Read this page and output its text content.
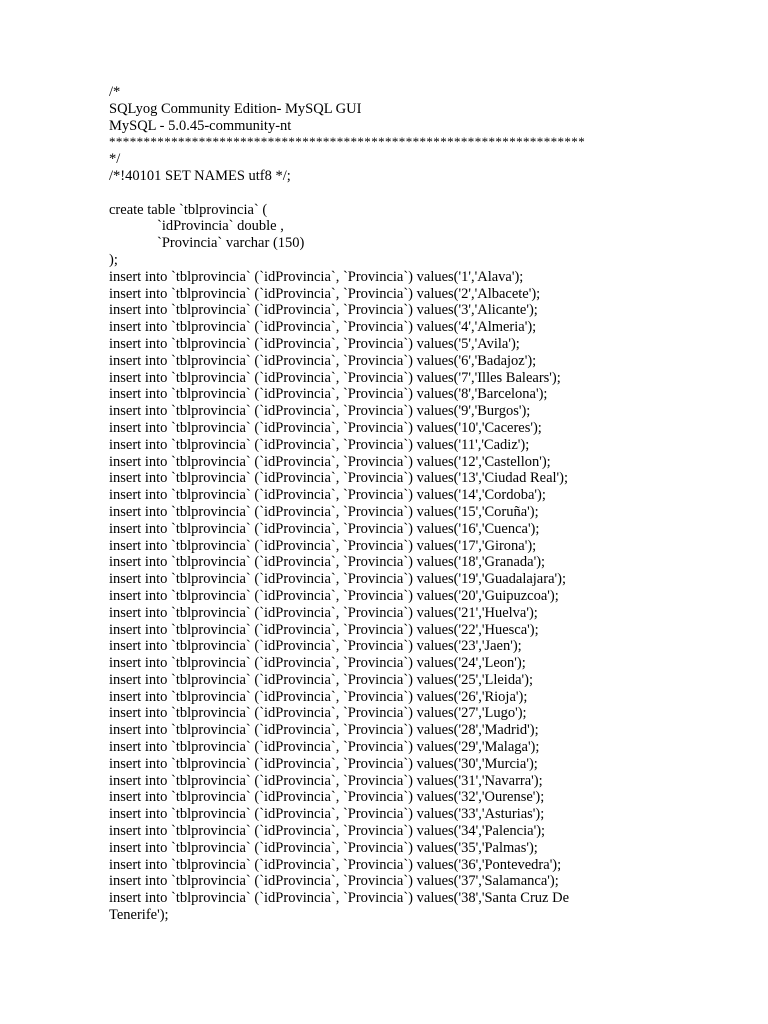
/*
SQLyog Community Edition- MySQL GUI
MySQL - 5.0.45-community-nt
*********************************************************************
*/
/*!40101 SET NAMES utf8 */;
create table `tblprovincia` (
`idProvincia` double ,
`Provincia` varchar (150)
);
insert into `tblprovincia` (`idProvincia`, `Provincia`) values('1','Alava');
insert into `tblprovincia` (`idProvincia`, `Provincia`) values('2','Albacete');
insert into `tblprovincia` (`idProvincia`, `Provincia`) values('3','Alicante');
insert into `tblprovincia` (`idProvincia`, `Provincia`) values('4','Almeria');
insert into `tblprovincia` (`idProvincia`, `Provincia`) values('5','Avila');
insert into `tblprovincia` (`idProvincia`, `Provincia`) values('6','Badajoz');
insert into `tblprovincia` (`idProvincia`, `Provincia`) values('7','Illes Balears');
insert into `tblprovincia` (`idProvincia`, `Provincia`) values('8','Barcelona');
insert into `tblprovincia` (`idProvincia`, `Provincia`) values('9','Burgos');
insert into `tblprovincia` (`idProvincia`, `Provincia`) values('10','Caceres');
insert into `tblprovincia` (`idProvincia`, `Provincia`) values('11','Cadiz');
insert into `tblprovincia` (`idProvincia`, `Provincia`) values('12','Castellon');
insert into `tblprovincia` (`idProvincia`, `Provincia`) values('13','Ciudad Real');
insert into `tblprovincia` (`idProvincia`, `Provincia`) values('14','Cordoba');
insert into `tblprovincia` (`idProvincia`, `Provincia`) values('15','Coruña');
insert into `tblprovincia` (`idProvincia`, `Provincia`) values('16','Cuenca');
insert into `tblprovincia` (`idProvincia`, `Provincia`) values('17','Girona');
insert into `tblprovincia` (`idProvincia`, `Provincia`) values('18','Granada');
insert into `tblprovincia` (`idProvincia`, `Provincia`) values('19','Guadalajara');
insert into `tblprovincia` (`idProvincia`, `Provincia`) values('20','Guipuzcoa');
insert into `tblprovincia` (`idProvincia`, `Provincia`) values('21','Huelva');
insert into `tblprovincia` (`idProvincia`, `Provincia`) values('22','Huesca');
insert into `tblprovincia` (`idProvincia`, `Provincia`) values('23','Jaen');
insert into `tblprovincia` (`idProvincia`, `Provincia`) values('24','Leon');
insert into `tblprovincia` (`idProvincia`, `Provincia`) values('25','Lleida');
insert into `tblprovincia` (`idProvincia`, `Provincia`) values('26','Rioja');
insert into `tblprovincia` (`idProvincia`, `Provincia`) values('27','Lugo');
insert into `tblprovincia` (`idProvincia`, `Provincia`) values('28','Madrid');
insert into `tblprovincia` (`idProvincia`, `Provincia`) values('29','Malaga');
insert into `tblprovincia` (`idProvincia`, `Provincia`) values('30','Murcia');
insert into `tblprovincia` (`idProvincia`, `Provincia`) values('31','Navarra');
insert into `tblprovincia` (`idProvincia`, `Provincia`) values('32','Ourense');
insert into `tblprovincia` (`idProvincia`, `Provincia`) values('33','Asturias');
insert into `tblprovincia` (`idProvincia`, `Provincia`) values('34','Palencia');
insert into `tblprovincia` (`idProvincia`, `Provincia`) values('35','Palmas');
insert into `tblprovincia` (`idProvincia`, `Provincia`) values('36','Pontevedra');
insert into `tblprovincia` (`idProvincia`, `Provincia`) values('37','Salamanca');
insert into `tblprovincia` (`idProvincia`, `Provincia`) values('38','Santa Cruz De
Tenerife');
